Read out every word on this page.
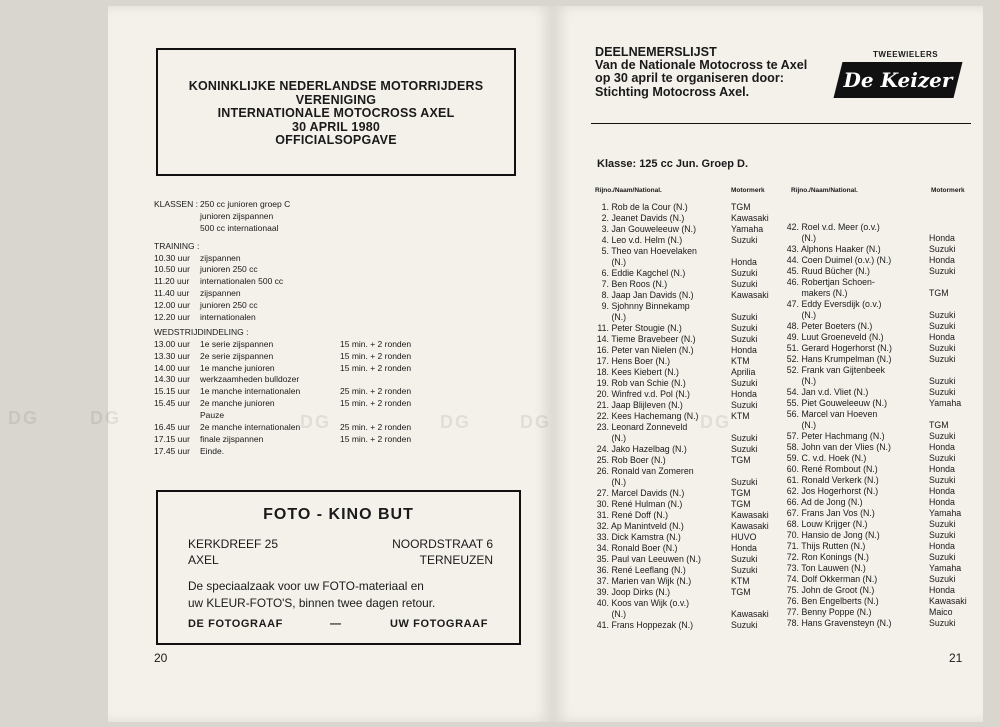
KONINKLIJKE NEDERLANDSE MOTORRIJDERS
VERENIGING
INTERNATIONALE MOTOCROSS AXEL
30 APRIL 1980
OFFICIALSOPGAVE
KLASSEN : 250 cc junioren groep C
junioren zijspannen
500 cc internationaal
TRAINING :
10.30 uur zijspannen
10.50 uur junioren 250 cc
11.20 uur internationalen 500 cc
11.40 uur zijspannen
12.00 uur junioren 250 cc
12.20 uur internationalen
WEDSTRIJDINDELING :
13.00 uur 1e serie zijspannen	15 min. + 2 ronden
13.30 uur 2e serie zijspannen	15 min. + 2 ronden
14.00 uur 1e manche junioren	15 min. + 2 ronden
14.30 uur werkzaamheden bulldozer
15.15 uur 1e manche internationalen	25 min. + 2 ronden
15.45 uur 2e manche junioren	15 min. + 2 ronden
Pauze
16.45 uur 2e manche internationalen	25 min. + 2 ronden
17.15 uur finale zijspannen	15 min. + 2 ronden
17.45 uur Einde.
FOTO - KINO BUT
KERKDREEF 25
AXEL
NOORDSTRAAT 6
TERNEUZEN
De speciaalzaak voor uw FOTO-materiaal en
uw KLEUR-FOTO'S, binnen twee dagen retour.
DE FOTOGRAAF	—	UW FOTOGRAAF
20
DEELNEMERSLIJST
Van de Nationale Motocross te Axel
op 30 april te organiseren door:
Stichting Motocross Axel.
TWEEWIELERS
De Keizer
Klasse: 125 cc Jun. Groep D.
Rijno./Naam/National.	Motormerk	Rijno./Naam/National.	Motormerk
1. Rob de la Cour (N.)	TGM
2. Jeanet Davids (N.)	Kawasaki
3. Jan Gouweleeuw (N.)	Yamaha
4. Leo v.d. Helm (N.)	Suzuki
5. Theo van Hoevelaken
(N.)	Honda
6. Eddie Kagchel (N.)	Suzuki
7. Ben Roos (N.)	Suzuki
8. Jaap Jan Davids (N.)	Kawasaki
9. Sjohnny Binnekamp
(N.)	Suzuki
11. Peter Stougie (N.)	Suzuki
14. Tieme Bravebeer (N.)	Suzuki
16. Peter van Nielen (N.)	Honda
17. Hens Boer (N.)	KTM
18. Kees Kiebert (N.)	Aprilia
19. Rob van Schie (N.)	Suzuki
20. Winfred v.d. Pol (N.)	Honda
21. Jaap Blijleven (N.)	Suzuki
22. Kees Hachemang (N.)	KTM
23. Leonard Zonneveld
(N.)	Suzuki
24. Jako Hazelbag (N.)	Suzuki
25. Rob Boer (N.)	TGM
26. Ronald van Zomeren
(N.)	Suzuki
27. Marcel Davids (N.)	TGM
30. René Hulman (N.)	TGM
31. René Doff (N.)	Kawasaki
32. Ap Manintveld (N.)	Kawasaki
33. Dick Kamstra (N.)	HUVO
34. Ronald Boer (N.)	Honda
35. Paul van Leeuwen (N.)	Suzuki
36. René Leeflang (N.)	Suzuki
37. Marien van Wijk (N.)	KTM
39. Joop Dirks (N.)	TGM
40. Koos van Wijk (o.v.)
(N.)	Kawasaki
41. Frans Hoppezak (N.)	Suzuki
42. Roel v.d. Meer (o.v.)
(N.)	Honda
43. Alphons Haaker (N.)	Suzuki
44. Coen Duimel (o.v.) (N.)	Honda
45. Ruud Bücher (N.)	Suzuki
46. Robertjan Schoen-
makers (N.)	TGM
47. Eddy Eversdijk (o.v.)
(N.)	Suzuki
48. Peter Boeters (N.)	Suzuki
49. Luut Groeneveld (N.)	Honda
51. Gerard Hogerhorst (N.)	Suzuki
52. Hans Krumpelman (N.)	Suzuki
52. Frank van Gijtenbeek
(N.)	Suzuki
54. Jan v.d. Vliet (N.)	Suzuki
55. Piet Gouweleeuw (N.)	Yamaha
56. Marcel van Hoeven
(N.)	TGM
57. Peter Hachmang (N.)	Suzuki
58. John van der Vlies (N.)	Honda
59. C. v.d. Hoek (N.)	Suzuki
60. René Rombout (N.)	Honda
61. Ronald Verkerk (N.)	Suzuki
62. Jos Hogerhorst (N.)	Honda
66. Ad de Jong (N.)	Honda
67. Frans Jan Vos (N.)	Yamaha
68. Louw Krijger (N.)	Suzuki
70. Hansio de Jong (N.)	Suzuki
71. Thijs Rutten (N.)	Honda
72. Ron Konings (N.)	Suzuki
73. Ton Lauwen (N.)	Yamaha
74. Dolf Okkerman (N.)	Suzuki
75. John de Groot (N.)	Honda
76. Ben Engelberts (N.)	Kawasaki
77. Benny Poppe (N.)	Maico
78. Hans Gravensteyn (N.)	Suzuki
21
DG	DG	DG	DG	DG	DG
